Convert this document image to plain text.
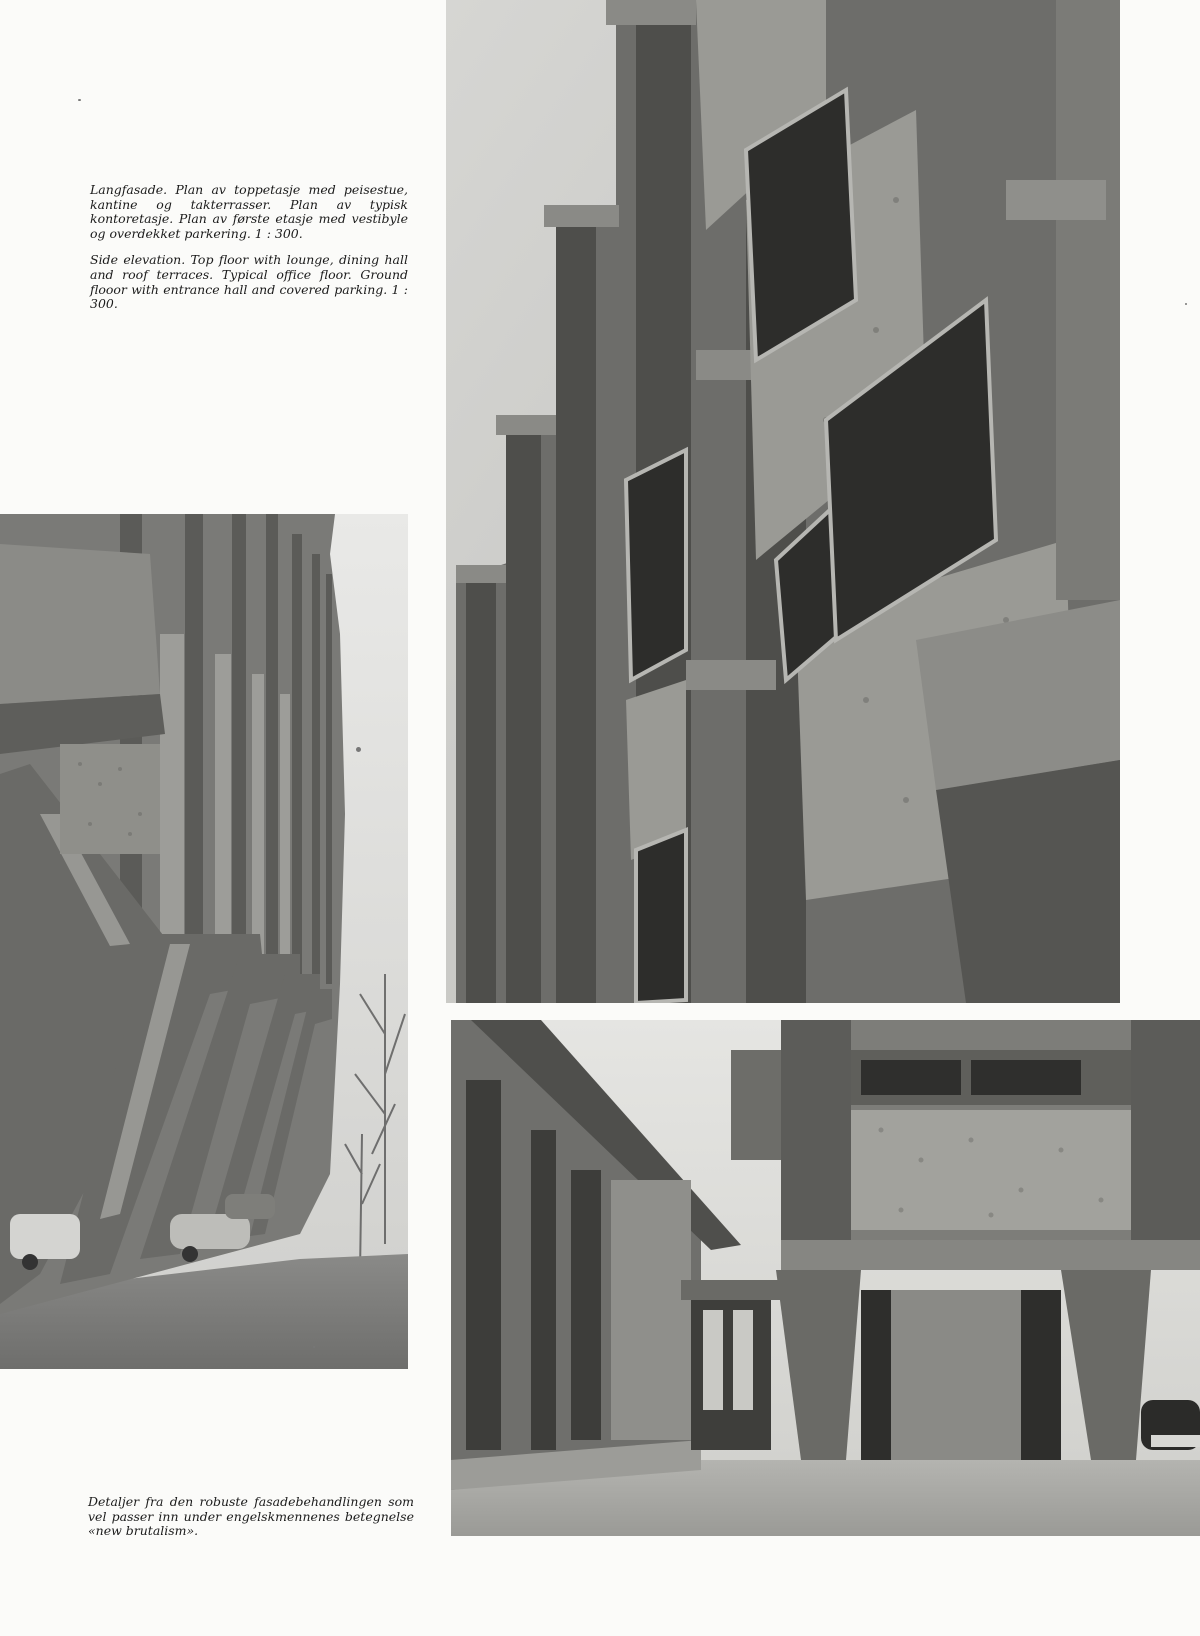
Langfasade. Plan av toppetasje med peisestue, kantine og takterrasser. Plan av typisk kontoretasje. Plan av første etasje med vestibyle og overdekket parkering. 1 : 300.

Side elevation. Top floor with lounge, dining hall and roof terraces. Typical office floor. Ground flooor with entrance hall and covered parking. 1 : 300.

Detaljer fra den robuste fasadebehandlingen som vel passer inn under engelskmennenes betegnelse «new brutalism».
